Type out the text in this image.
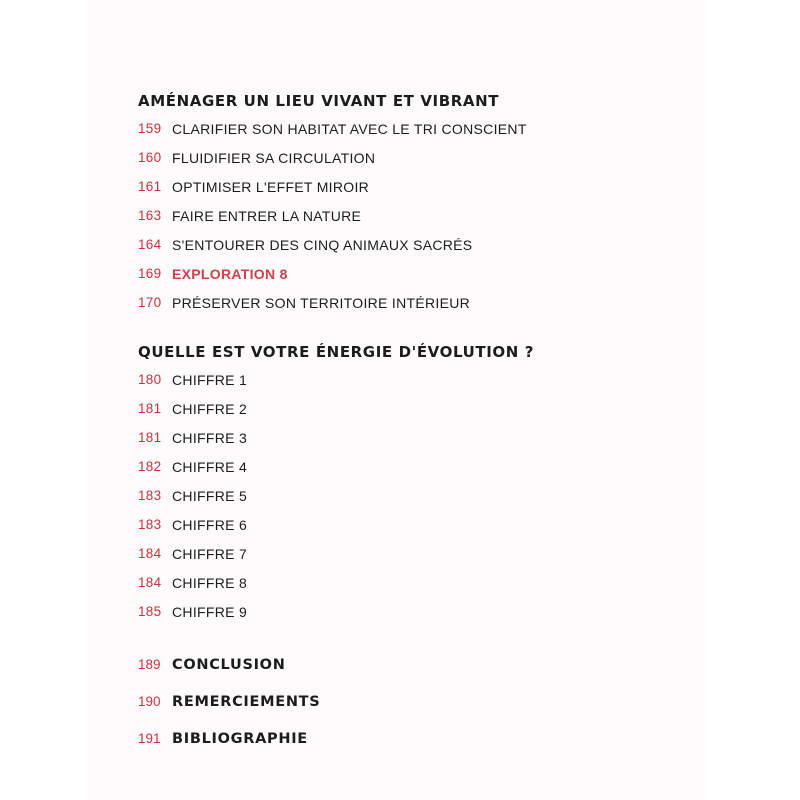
AMÉNAGER UN LIEU VIVANT ET VIBRANT
159 CLARIFIER SON HABITAT AVEC LE TRI CONSCIENT
160 FLUIDIFIER SA CIRCULATION
161 OPTIMISER L'EFFET MIROIR
163 FAIRE ENTRER LA NATURE
164 S'ENTOURER DES CINQ ANIMAUX SACRÉS
169 EXPLORATION 8
170 PRÉSERVER SON TERRITOIRE INTÉRIEUR
QUELLE EST VOTRE ÉNERGIE D'ÉVOLUTION ?
180 CHIFFRE 1
181 CHIFFRE 2
181 CHIFFRE 3
182 CHIFFRE 4
183 CHIFFRE 5
183 CHIFFRE 6
184 CHIFFRE 7
184 CHIFFRE 8
185 CHIFFRE 9
189 CONCLUSION
190 REMERCIEMENTS
191 BIBLIOGRAPHIE
